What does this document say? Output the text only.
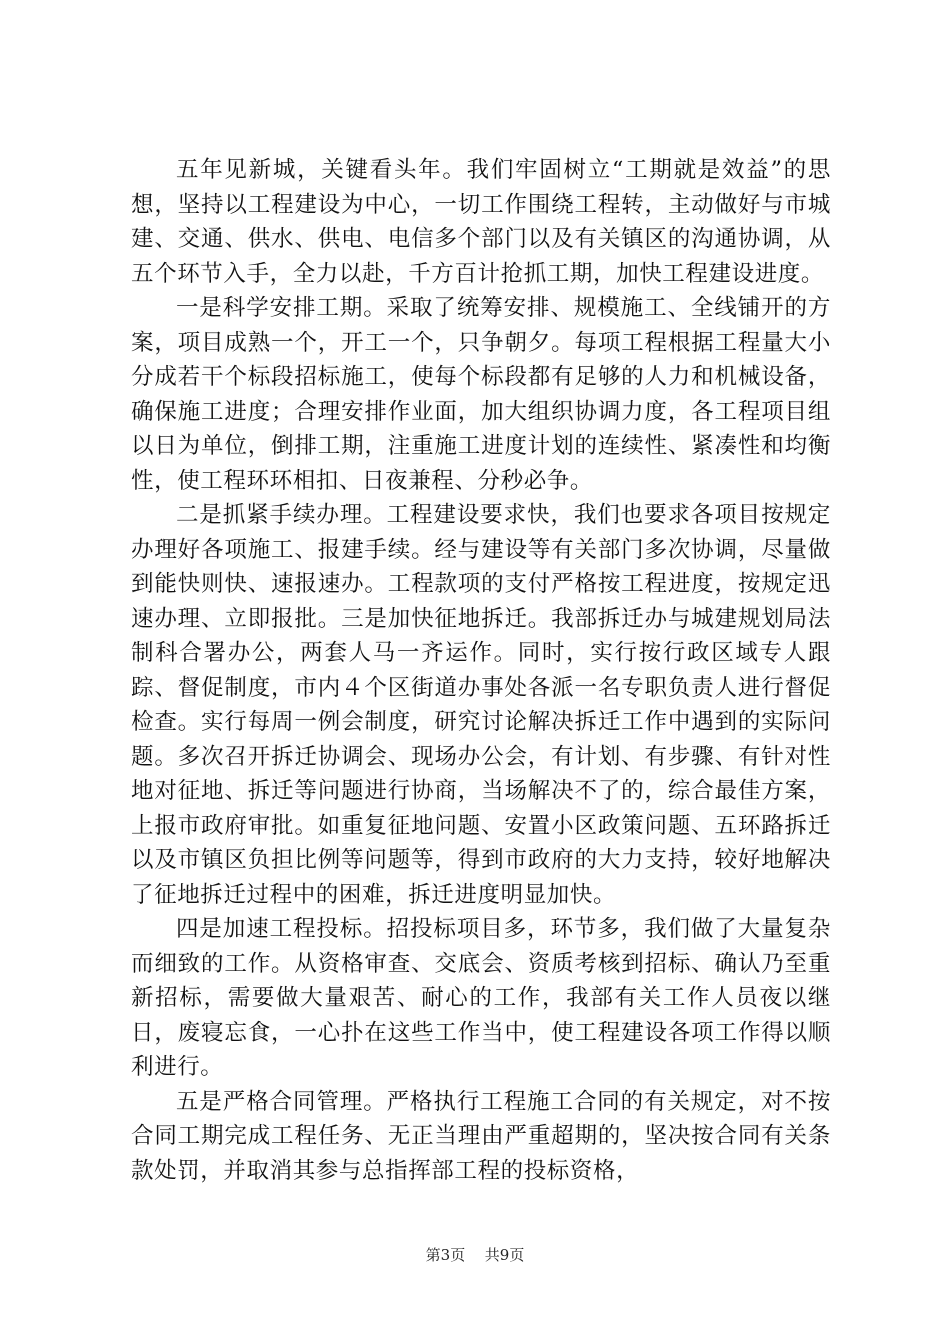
五年见新城，关键看头年。我们牢固树立“工期就是效益”的思想，坚持以工程建设为中心，一切工作围绕工程转，主动做好与市城建、交通、供水、供电、电信多个部门以及有关镇区的沟通协调，从五个环节入手，全力以赴，千方百计抢抓工期，加快工程建设进度。

一是科学安排工期。采取了统筹安排、规模施工、全线铺开的方案，项目成熟一个，开工一个，只争朝夕。每项工程根据工程量大小分成若干个标段招标施工，使每个标段都有足够的人力和机械设备，确保施工进度；合理安排作业面，加大组织协调力度，各工程项目组以日为单位，倒排工期，注重施工进度计划的连续性、紧凑性和均衡性，使工程环环相扣、日夜兼程、分秒必争。

二是抓紧手续办理。工程建设要求快，我们也要求各项目按规定办理好各项施工、报建手续。经与建设等有关部门多次协调，尽量做到能快则快、速报速办。工程款项的支付严格按工程进度，按规定迅速办理、立即报批。三是加快征地拆迁。我部拆迁办与城建规划局法制科合署办公，两套人马一齐运作。同时，实行按行政区域专人跟踪、督促制度，市内４个区街道办事处各派一名专职负责人进行督促检查。实行每周一例会制度，研究讨论解决拆迁工作中遇到的实际问题。多次召开拆迁协调会、现场办公会，有计划、有步骤、有针对性地对征地、拆迁等问题进行协商，当场解决不了的，综合最佳方案，上报市政府审批。如重复征地问题、安置小区政策问题、五环路拆迁以及市镇区负担比例等问题等，得到市政府的大力支持，较好地解决了征地拆迁过程中的困难，拆迁进度明显加快。

四是加速工程投标。招投标项目多，环节多，我们做了大量复杂而细致的工作。从资格审查、交底会、资质考核到招标、确认乃至重新招标，需要做大量艰苦、耐心的工作，我部有关工作人员夜以继日，废寝忘食，一心扑在这些工作当中，使工程建设各项工作得以顺利进行。

五是严格合同管理。严格执行工程施工合同的有关规定，对不按合同工期完成工程任务、无正当理由严重超期的，坚决按合同有关条款处罚，并取消其参与总指挥部工程的投标资格，

第3页 共9页
